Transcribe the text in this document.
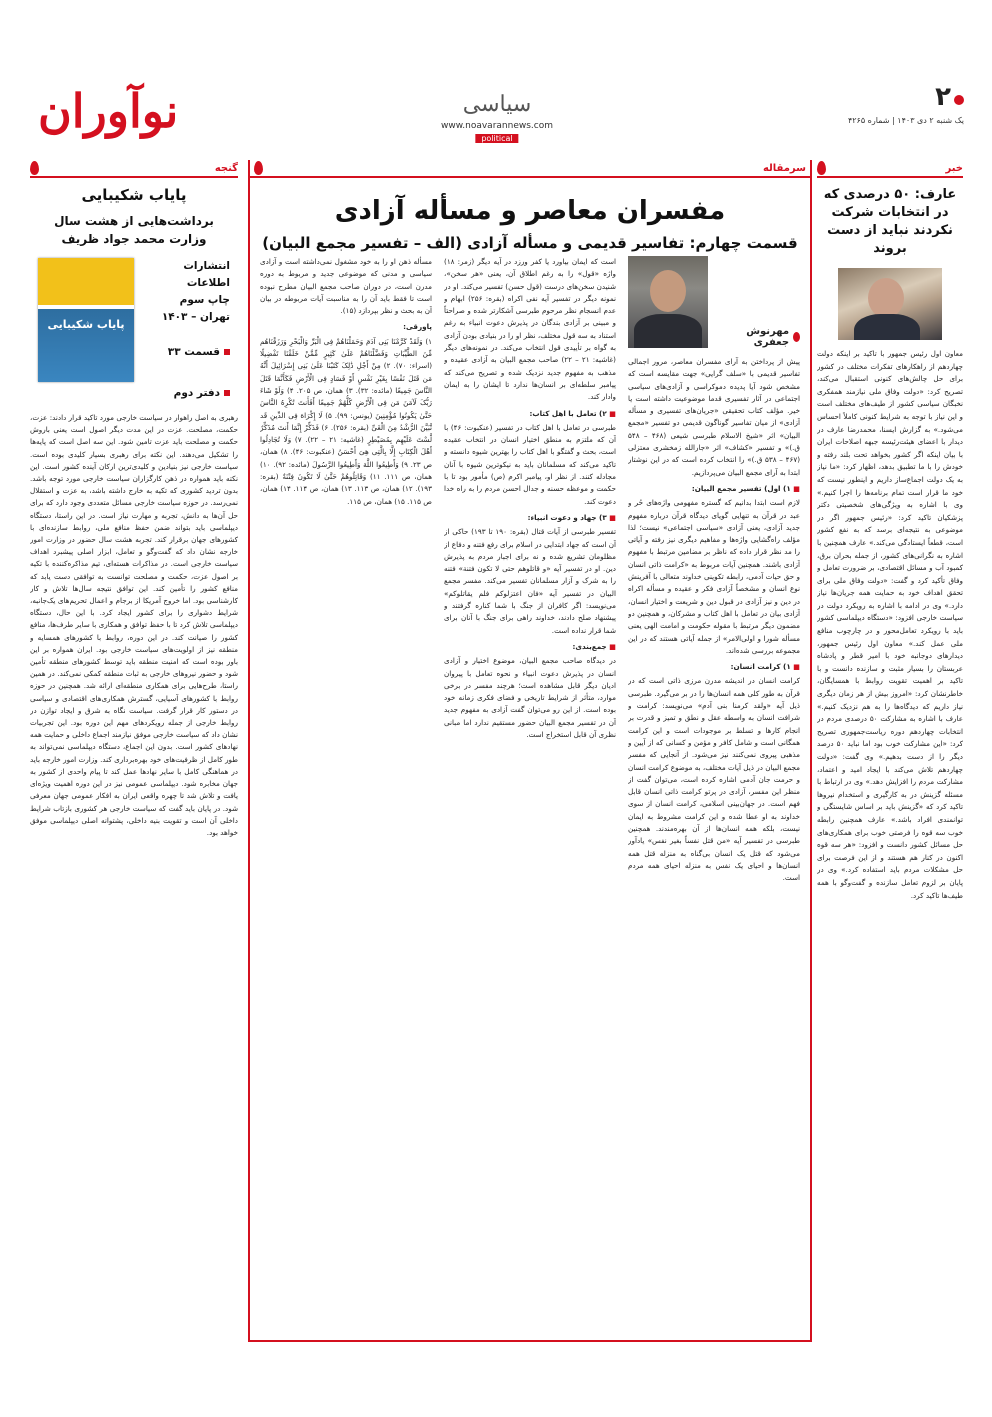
۲
یک شنبه ۲ دی ۱۴۰۳ | شماره ۴۲۶۵
سیاسی
www.noavarannews.com
political
نوآوران
خبر
عارف: ۵۰ درصدی که در انتخابات شرکت نکردند نباید از دست بروند
معاون اول رئیس جمهور با تاکید بر اینکه دولت چهاردهم از راهکارهای تفکرات مختلف در کشور برای حل چالش‌های کنونی استقبال می‌کند، تصریح کرد: «دولت وفاق ملی نیازمند همفکری نخبگان سیاسی کشور از طیف‌های مختلف است و این نیاز با توجه به شرایط کنونی کاملاً احساس می‌شود.» به گزارش ایسنا، محمدرضا عارف در دیدار با اعضای هیئت‌رئیسه جبهه اصلاحات ایران با بیان اینکه اگر کشور بخواهد تحت بلند رفته و خودش را با ما تطبیق بدهد، اظهار کرد: «ما نیاز به یک دولت اجماع‌ساز داریم و اینطور نیست که خود ما قرار است تمام برنامه‌ها را اجرا کنیم.» وی با اشاره به ویژگی‌های شخصیتی دکتر پزشکیان تاکید کرد: «رئیس جمهور اگر در موضوعی به نتیجه‌ای برسد که به نفع کشور است، قطعاً ایستادگی می‌کند.» عارف همچنین با اشاره به نگرانی‌های کشور، از جمله بحران برق، کمبود آب و مسائل اقتصادی، بر ضرورت تعامل و وفاق تأکید کرد و گفت: «دولت وفاق ملی برای تحقق اهداف خود به حمایت همه جریان‌ها نیاز دارد.» وی در ادامه با اشاره به رویکرد دولت در سیاست خارجی افزود: «دستگاه دیپلماسی کشور باید با رویکرد تعامل‌محور و در چارچوب منافع ملی عمل کند.» معاون اول رئیس جمهور، دیدارهای دوجانبه خود با امیر قطر و پادشاه عربستان را بسیار مثبت و سازنده دانست و با تاکید بر اهمیت تقویت روابط با همسایگان، خاطرنشان کرد: «امروز بیش از هر زمان دیگری نیاز داریم که دیدگاه‌ها را به هم نزدیک کنیم.» عارف با اشاره به مشارکت ۵۰ درصدی مردم در انتخابات چهاردهم دوره ریاست‌جمهوری تصریح کرد: «این مشارکت خوب بود اما نباید ۵۰ درصد دیگر را از دست بدهیم.» وی گفت: «دولت چهاردهم تلاش می‌کند با ایجاد امید و اعتماد، مشارکت مردم را افزایش دهد.» وی در ارتباط با مسئله گزینش در به کارگیری و استخدام نیروها تاکید کرد که «گزینش باید بر اساس شایستگی و توانمندی افراد باشد.» عارف همچنین رابطه خوب سه قوه را فرصتی خوب برای همکاری‌های حل مسائل کشور دانست و افزود: «هر سه قوه اکنون در کنار هم هستند و از این فرصت برای حل مشکلات مردم باید استفاده کرد.» وی در پایان بر لزوم تعامل سازنده و گفت‌وگو با همه طیف‌ها تاکید کرد.
سرمقاله
مفسران معاصر و مسأله آزادی
قسمت چهارم: تفاسیر قدیمی و مسأله آزادی (الف – تفسیر مجمع البیان)
مهرنوش جعفری
پیش از پرداختن به آرای مفسران معاصر، مرور اجمالی تفاسیر قدیمی با «سلف گرایی» جهت مقایسه است که مشخص شود آیا پدیده دموکراسی و آزادی‌های سیاسی اجتماعی در آثار تفسیری قدما موضوعیت داشته است یا خیر. مؤلف کتاب تحقیقی «جریان‌های تفسیری و مسأله آزادی» از میان تفاسیر گوناگون قدیمی دو تفسیر «مجمع البیان» اثر «شیخ الاسلام طبرسی شیعی (۴۶۸ – ۵۴۸ ق.)» و تفسیر «کشاف» اثر «جارالله زمخشری معتزلی (۴۶۷ – ۵۳۸ ق.)» را انتخاب کرده است که در این نوشتار ابتدا به آرای مجمع البیان می‌پردازیم.
■ ۱) اول) تفسیر مجمع البیان:
لازم است ابتدا بدانیم که گستره مفهومی واژه‌های حُر و عبد در قرآن به تنهایی گویای دیدگاه قرآن درباره مفهوم جدید آزادی، یعنی آزادی «سیاسی اجتماعی» نیست؛ لذا مؤلف راه‌گشایی واژه‌ها و مفاهیم دیگری نیز رفته و آیاتی را مد نظر قرار داده که ناظر بر مضامین مرتبط با مفهوم آزادی باشند. همچنین آیات مربوط به «کرامت ذاتی انسان و حق حیات آدمی، رابطه تکوینی خداوند متعالی با آفرینش نوع انسان و مشخصاً آزادی فکر و عقیده و مسأله اکراه در دین و نیز آزادی در قبول دین و شریعت و اختیار انسان، آزادی بیان در تعامل با اهل کتاب و مشرکان، و همچنین دو مضمون دیگر مرتبط با مقوله حکومت و امامت الهی یعنی مسأله شورا و اولی‌الامر» از جمله آیاتی هستند که در این مجموعه بررسی شده‌اند.
■ ۱) کرامت انسان:
کرامت انسان در اندیشه مدرن مرزی ذاتی است که در قرآن به طور کلی همه انسان‌ها را در بر می‌گیرد. طبرسی ذیل آیه «ولقد کرمنا بنی آدم» می‌نویسد: کرامت و شرافت انسان به واسطه عقل و نطق و تمیز و قدرت بر انجام کارها و تسلط بر موجودات است و این کرامت همگانی است و شامل کافر و مؤمن و کسانی که از آیین و مذهبی پیروی نمی‌کنند نیز می‌شود. از آنجایی که مفسر مجمع البیان در ذیل آیات مختلف، به موضوع کرامت انسان و حرمت جان آدمی اشاره کرده است، می‌توان گفت از منظر این مفسر، آزادی در پرتو کرامت ذاتی انسان قابل فهم است. در جهان‌بینی اسلامی، کرامت انسان از سوی خداوند به او عطا شده و این کرامت مشروط به ایمان نیست، بلکه همه انسان‌ها از آن بهره‌مندند. همچنین طبرسی در تفسیر آیه «من قتل نفساً بغیر نفس» یادآور می‌شود که قتل یک انسان بی‌گناه به منزله قتل همه انسان‌ها و احیای یک نفس به منزله احیای همه مردم است.
است که ایمان بیاورد یا کفر ورزد در آیه دیگر (زمر: ۱۸) واژه «قول» را به رغم اطلاق آن، یعنی «هر سخن»، شنیدن سخن‌های درست (قول حسن) تفسیر می‌کند. او در نمونه دیگر در تفسیر آیه نفی اکراه (بقره: ۲۵۶) ابهام و عدم انسجام نظر مرحوم طبرسی آشکارتر شده و صراحتاً و مبینی بر آزادی بندگان در پذیرش دعوت انبیاء به رغم استناد به سه قول مختلف، نظر او را در بنیادی بودن آزادی به گواه بر تأییدی قول انتخاب می‌کند. در نمونه‌های دیگر (غاشیه: ۲۱ – ۲۲) صاحب مجمع البیان به آزادی عقیده و مذهب به مفهوم جدید نزدیک شده و تصریح می‌کند که پیامبر سلطه‌ای بر انسان‌ها ندارد تا ایشان را به ایمان وادار کند.
■ ۲) تعامل با اهل کتاب:
طبرسی در تعامل با اهل کتاب در تفسیر (عنکبوت: ۴۶) با آن که ملتزم به منطق اختیار انسان در انتخاب عقیده است، بحث و گفتگو با اهل کتاب را بهترین شیوه دانسته و تاکید می‌کند که مسلمانان باید به نیکوترین شیوه با آنان مجادله کنند. از نظر او، پیامبر اکرم (ص) مأمور بود تا با حکمت و موعظه حسنه و جدال احسن مردم را به راه خدا دعوت کند.
■ ۳) جهاد و دعوت انبیاء:
تفسیر طبرسی از آیات قتال (بقره: ۱۹۰ تا ۱۹۳) حاکی از آن است که جهاد ابتدایی در اسلام برای رفع فتنه و دفاع از مظلومان تشریع شده و نه برای اجبار مردم به پذیرش دین. او در تفسیر آیه «و قاتلوهم حتی لا تکون فتنة» فتنه را به شرک و آزار مسلمانان تفسیر می‌کند. مفسر مجمع البیان در تفسیر آیه «فان اعتزلوکم فلم یقاتلوکم» می‌نویسد: اگر کافران از جنگ با شما کناره گرفتند و پیشنهاد صلح دادند، خداوند راهی برای جنگ با آنان برای شما قرار نداده است.
■ جمع‌بندی:
در دیدگاه صاحب مجمع البیان، موضوع اختیار و آزادی انسان در پذیرش دعوت انبیاء و نحوه تعامل با پیروان ادیان دیگر قابل مشاهده است؛ هرچند مفسر در برخی موارد، متأثر از شرایط تاریخی و فضای فکری زمانه خود بوده است. از این رو می‌توان گفت آزادی به مفهوم جدید آن در تفسیر مجمع البیان حضور مستقیم ندارد اما مبانی نظری آن قابل استخراج است.
مسأله ذهن او را به خود مشغول نمی‌داشته است و آزادی سیاسی و مدنی که موضوعی جدید و مربوط به دوره مدرن است، در دوران صاحب مجمع البیان مطرح نبوده است تا فقط باید آن را به مناسبت آیات مربوطه در بیان آن به بحث و نظر بپردازد (۱۵).
پاورقی:
۱) وَلَقَدْ کَرَّمْنَا بَنِی آدَمَ وَحَمَلْنَاهُمْ فِی الْبَرِّ وَالْبَحْرِ وَرَزَقْنَاهُم مِّنَ الطَّیِّبَاتِ وَفَضَّلْنَاهُمْ عَلَیٰ کَثِیرٍ مِّمَّنْ خَلَقْنَا تَفْضِیلًا (اسراء: ۷۰). ۲) مِنْ أَجْلِ ذَٰلِکَ کَتَبْنَا عَلَیٰ بَنِی إِسْرَائِیلَ أَنَّهُ مَن قَتَلَ نَفْسًا بِغَیْرِ نَفْسٍ أَوْ فَسَادٍ فِی الْأَرْضِ فَکَأَنَّمَا قَتَلَ النَّاسَ جَمِیعًا (مائده: ۳۲). ۳) همان، ص ۲۰۵. ۴) وَلَوْ شَاءَ رَبُّکَ لَآمَنَ مَن فِی الْأَرْضِ کُلُّهُمْ جَمِیعًا أَفَأَنتَ تُکْرِهُ النَّاسَ حَتَّیٰ یَکُونُوا مُؤْمِنِینَ (یونس: ۹۹). ۵) لَا إِکْرَاهَ فِی الدِّینِ قَد تَّبَیَّنَ الرُّشْدُ مِنَ الْغَیِّ (بقره: ۲۵۶). ۶) فَذَکِّرْ إِنَّمَا أَنتَ مُذَکِّرٌ لَّسْتَ عَلَیْهِم بِمُصَیْطِرٍ (غاشیه: ۲۱ – ۲۲). ۷) وَلَا تُجَادِلُوا أَهْلَ الْکِتَابِ إِلَّا بِالَّتِی هِیَ أَحْسَنُ (عنکبوت: ۴۶). ۸) همان، ص ۲۳. ۹) وَأَطِیعُوا اللَّهَ وَأَطِیعُوا الرَّسُولَ (مائده: ۹۲). ۱۰) همان، ص ۱۱۱. ۱۱) وَقَاتِلُوهُمْ حَتَّیٰ لَا تَکُونَ فِتْنَةٌ (بقره: ۱۹۳). ۱۲) همان، ص ۱۱۳. ۱۳) همان، ص ۱۱۴. ۱۴) همان، ص ۱۱۵. ۱۵) همان، ص ۱۱۵.
گنجه
پایاب شکیبایی
برداشت‌هایی از هشت سال وزارت محمد جواد ظریف
انتشارات اطلاعات
چاپ سوم
تهران – ۱۴۰۳
قسمت ۳۳
دفتر دوم
پایاب شکیبایی
رهبری به اصل راهوار در سیاست خارجی مورد تاکید قرار دادند: عزت، حکمت، مصلحت. عزت در این مدت دیگر اصول است یعنی باروش حکمت و مصلحت باید عزت تامین شود. این سه اصل است که پایه‌ها را تشکیل می‌دهند. این نکته برای رهبری بسیار کلیدی بوده است. سیاست خارجی نیز بنیادین و کلیدی‌ترین ارکان آینده کشور است. این نکته باید همواره در ذهن کارگزاران سیاست خارجی مورد توجه باشد. بدون تردید کشوری که تکیه به خارج داشته باشد، به عزت و استقلال نمی‌رسد. در حوزه سیاست خارجی مسائل متعددی وجود دارد که برای حل آن‌ها به دانش، تجربه و مهارت نیاز است. در این راستا، دستگاه دیپلماسی باید بتواند ضمن حفظ منافع ملی، روابط سازنده‌ای با کشورهای جهان برقرار کند. تجربه هشت سال حضور در وزارت امور خارجه نشان داد که گفت‌وگو و تعامل، ابزار اصلی پیشبرد اهداف سیاست خارجی است. در مذاکرات هسته‌ای، تیم مذاکره‌کننده با تکیه بر اصول عزت، حکمت و مصلحت توانست به توافقی دست یابد که منافع کشور را تأمین کند. این توافق نتیجه سال‌ها تلاش و کار کارشناسی بود. اما خروج آمریکا از برجام و اعمال تحریم‌های یک‌جانبه، شرایط دشواری را برای کشور ایجاد کرد. با این حال، دستگاه دیپلماسی تلاش کرد تا با حفظ توافق و همکاری با سایر طرف‌ها، منافع کشور را صیانت کند. در این دوره، روابط با کشورهای همسایه و منطقه نیز از اولویت‌های سیاست خارجی بود. ایران همواره بر این باور بوده است که امنیت منطقه باید توسط کشورهای منطقه تأمین شود و حضور نیروهای خارجی به ثبات منطقه کمکی نمی‌کند. در همین راستا، طرح‌هایی برای همکاری منطقه‌ای ارائه شد. همچنین در حوزه روابط با کشورهای آسیایی، گسترش همکاری‌های اقتصادی و سیاسی در دستور کار قرار گرفت. سیاست نگاه به شرق و ایجاد توازن در روابط خارجی از جمله رویکردهای مهم این دوره بود. این تجربیات نشان داد که سیاست خارجی موفق نیازمند اجماع داخلی و حمایت همه نهادهای کشور است. بدون این اجماع، دستگاه دیپلماسی نمی‌تواند به طور کامل از ظرفیت‌های خود بهره‌برداری کند. وزارت امور خارجه باید در هماهنگی کامل با سایر نهادها عمل کند تا پیام واحدی از کشور به جهان مخابره شود. دیپلماسی عمومی نیز در این دوره اهمیت ویژه‌ای یافت و تلاش شد تا چهره واقعی ایران به افکار عمومی جهان معرفی شود. در پایان باید گفت که سیاست خارجی هر کشوری بازتاب شرایط داخلی آن است و تقویت بنیه داخلی، پشتوانه اصلی دیپلماسی موفق خواهد بود.
